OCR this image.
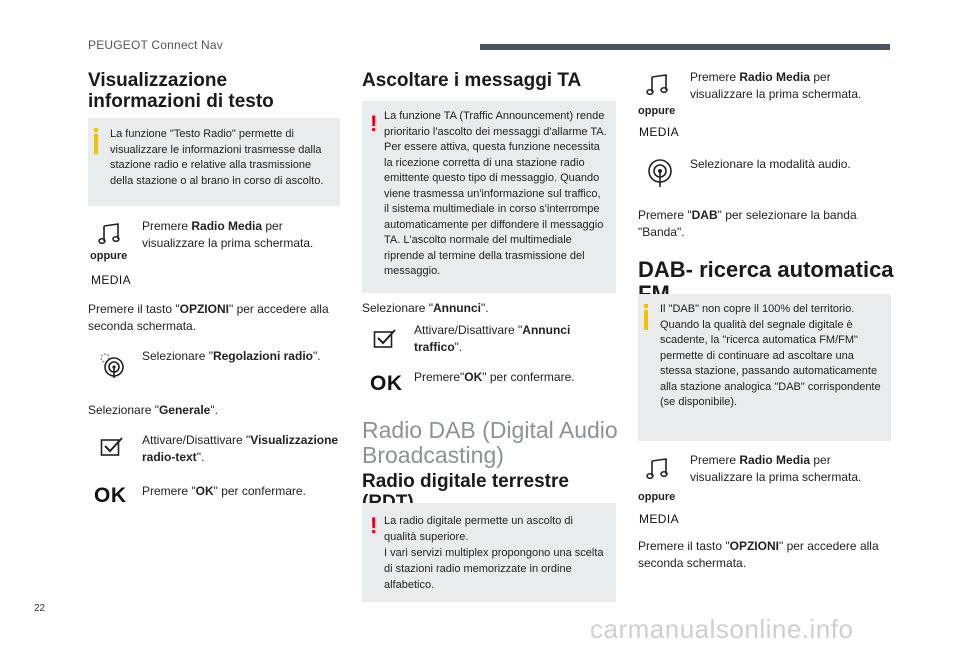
PEUGEOT Connect Nav
Visualizzazione informazioni di testo

La funzione "Testo Radio" permette di visualizzare le informazioni trasmesse dalla stazione radio e relative alla trasmissione della stazione o al brano in corso di ascolto.

oppure
MEDIA

Premere Radio Media per visualizzare la prima schermata.

Premere il tasto "OPZIONI" per accedere alla seconda schermata.

Selezionare "Regolazioni radio".

Selezionare "Generale".

Attivare/Disattivare "Visualizzazione radio-text".

OK Premere "OK" per confermare.

Ascoltare i messaggi TA
! La funzione TA (Traffic Announcement) rende prioritario l'ascolto dei messaggi d'allarme TA. Per essere attiva, questa funzione necessita la ricezione corretta di una stazione radio emittente questo tipo di messaggio. Quando viene trasmessa un'informazione sul traffico, il sistema multimediale in corso s'interrompe automaticamente per diffondere il messaggio TA. L'ascolto normale del multimediale riprende al termine della trasmissione del messaggio.

Selezionare "Annunci".

Attivare/Disattivare "Annunci traffico".

OK Premere"OK" per confermare.

Radio DAB (Digital Audio Broadcasting)
Radio digitale terrestre
! La radio digitale permette un ascolto di qualità superiore.
I vari servizi multiplex propongono una scelta di stazioni radio memorizzate in ordine alfabetico.

oppure
MEDIA

Premere Radio Media per visualizzare la prima schermata.

Selezionare la modalità audio.

Premere "DAB" per selezionare la banda "Banda".

DAB- ricerca automatica

Il "DAB" non copre il 100% del territorio. Quando la qualità del segnale digitale è scadente, la "ricerca automatica FM/FM" permette di continuare ad ascoltare una stessa stazione, passando automaticamente alla stazione analogica "DAB" corrispondente (se disponibile).

oppure
MEDIA

Premere Radio Media per visualizzare la prima schermata.

Premere il tasto "OPZIONI" per accedere alla seconda schermata.

22
carmanualsonline.info
